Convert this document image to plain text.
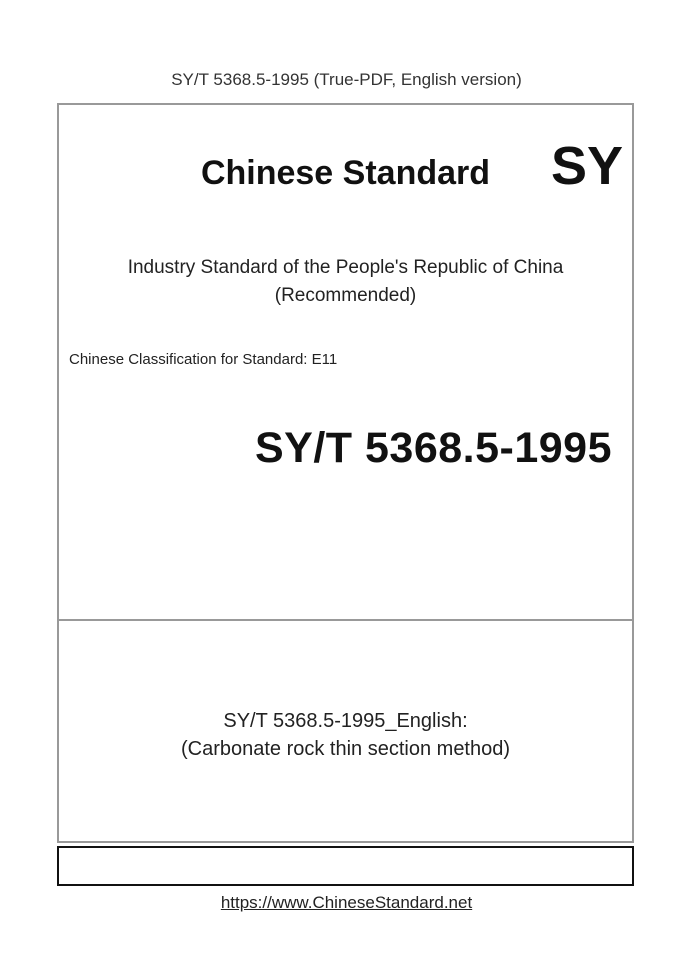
SY/T 5368.5-1995 (True-PDF, English version)
Chinese Standard SY
Industry Standard of the People's Republic of China
(Recommended)
Chinese Classification for Standard: E11
SY/T 5368.5-1995
SY/T 5368.5-1995_English:
(Carbonate rock thin section method)
https://www.ChineseStandard.net
